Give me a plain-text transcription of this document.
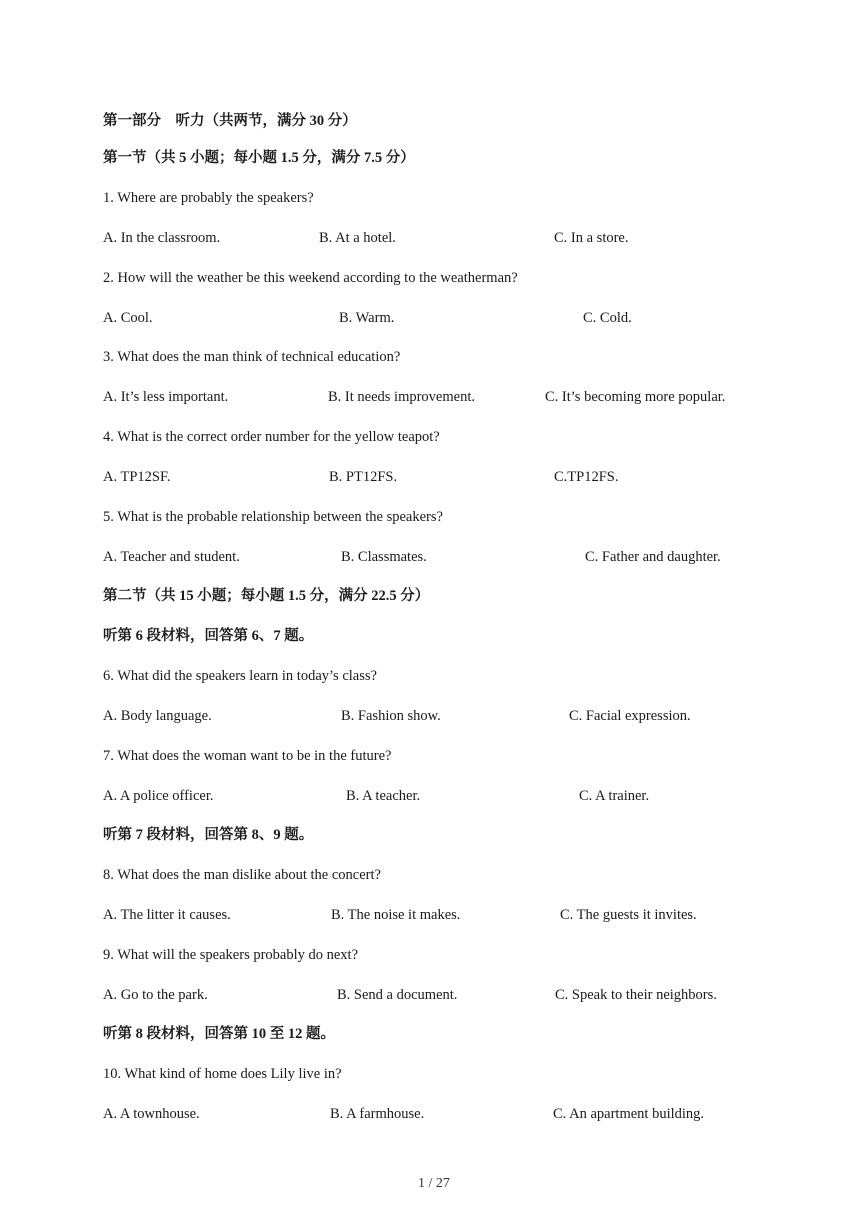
第一部分　听力（共两节，满分 30 分）
第一节（共 5 小题；每小题 1.5 分，满分 7.5 分）
1. Where are probably the speakers?
A. In the classroom.	B. At a hotel.	C. In a store.
2. How will the weather be this weekend according to the weatherman?
A. Cool.	B. Warm.	C. Cold.
3. What does the man think of technical education?
A. It’s less important.	B. It needs improvement.	C. It’s becoming more popular.
4. What is the correct order number for the yellow teapot?
A. TP12SF.	B. PT12FS.	C.TP12FS.
5. What is the probable relationship between the speakers?
A. Teacher and student.	B. Classmates.	C. Father and daughter.
第二节（共 15 小题；每小题 1.5 分，满分 22.5 分）
听第 6 段材料，回答第 6、7 题。
6. What did the speakers learn in today’s class?
A. Body language.	B. Fashion show.	C. Facial expression.
7. What does the woman want to be in the future?
A. A police officer.	B. A teacher.	C. A trainer.
听第 7 段材料，回答第 8、9 题。
8. What does the man dislike about the concert?
A. The litter it causes.	B. The noise it makes.	C. The guests it invites.
9. What will the speakers probably do next?
A. Go to the park.	B. Send a document.	C. Speak to their neighbors.
听第 8 段材料，回答第 10 至 12 题。
10. What kind of home does Lily live in?
A. A townhouse.	B. A farmhouse.	C. An apartment building.
1 / 27
